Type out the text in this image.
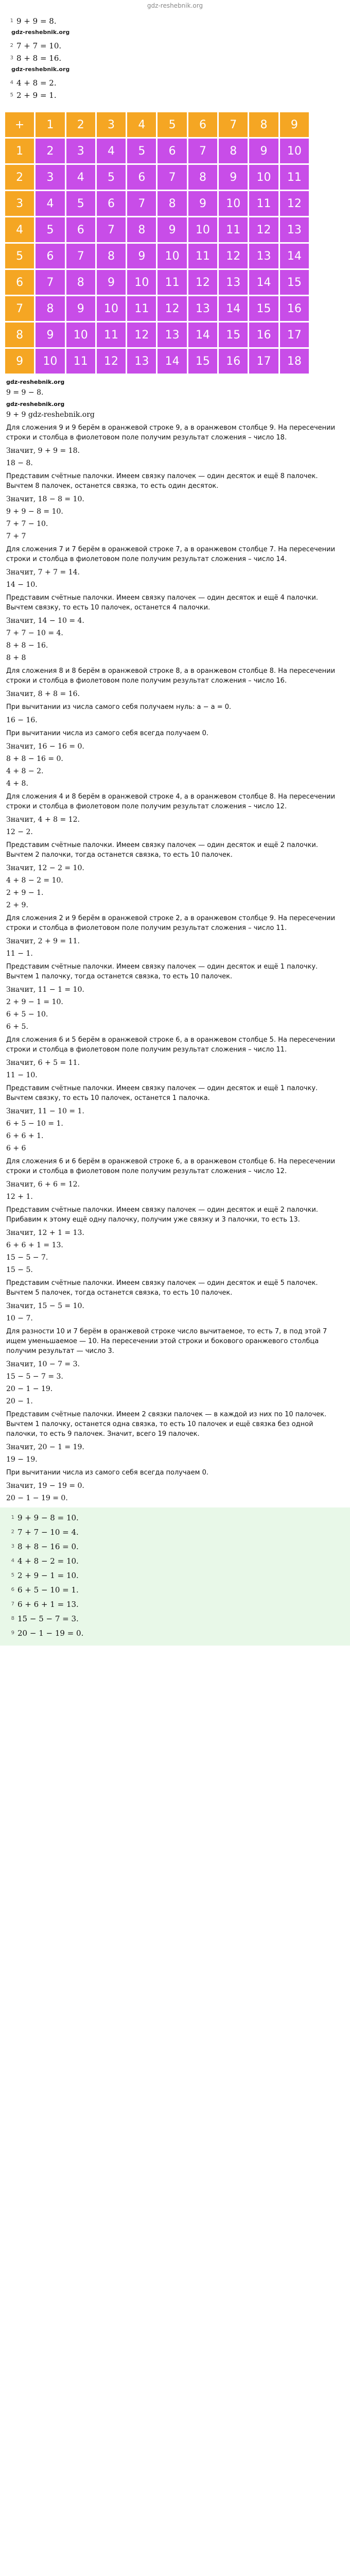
gdz-reshebnik.org
1 9 + 9 = 8.
gdz-reshebnik.org
2 7 + 7 = 10.
3 8 + 8 = 16.
gdz-reshebnik.org
4 4 + 8 = 2.
5 2 + 9 = 1.
+	1	2	3	4	5	6	7	8	9
1	2	3	4	5	6	7	8	9	10
2	3	4	5	6	7	8	9	10	11
3	4	5	6	7	8	9	10	11	12
4	5	6	7	8	9	10	11	12	13
5	6	7	8	9	10	11	12	13	14
6	7	8	9	10	11	12	13	14	15
7	8	9	10	11	12	13	14	15	16
8	9	10	11	12	13	14	15	16	17
9	10	11	12	13	14	15	16	17	18
gdz-reshebnik.org
9 = 9 − 8.
gdz-reshebnik.org
9 + 9 gdz-reshebnik.org

Для сложения 9 и 9 берём в оранжевой строке 9, а в оранжевом столбце 9. На пересечении строки и столбца в фиолетовом поле получим результат сложения – число 18.

Значит, 9 + 9 = 18.
18 − 8.

Представим счётные палочки. Имеем связку палочек — один десяток и ещё 8 палочек. Вычтем 8 палочек, останется связка, то есть один десяток.

Значит, 18 − 8 = 10.
9 + 9 − 8 = 10.
7 + 7 − 10.
7 + 7

Для сложения 7 и 7 берём в оранжевой строке 7, а в оранжевом столбце 7. На пересечении строки и столбца в фиолетовом поле получим результат сложения – число 14.

Значит, 7 + 7 = 14.
14 − 10.

Представим счётные палочки. Имеем связку палочек — один десяток и ещё 4 палочки. Вычтем связку, то есть 10 палочек, останется 4 палочки.

Значит, 14 − 10 = 4.
7 + 7 − 10 = 4.
8 + 8 − 16.
8 + 8

Для сложения 8 и 8 берём в оранжевой строке 8, а в оранжевом столбце 8. На пересечении строки и столбца в фиолетовом поле получим результат сложения – число 16.

Значит, 8 + 8 = 16.

При вычитании из числа самого себя получаем нуль: a − a = 0.

16 − 16.

При вычитании числа из самого себя всегда получаем 0.

Значит, 16 − 16 = 0.
8 + 8 − 16 = 0.
4 + 8 − 2.
4 + 8.

Для сложения 4 и 8 берём в оранжевой строке 4, а в оранжевом столбце 8. На пересечении строки и столбца в фиолетовом поле получим результат сложения – число 12.

Значит, 4 + 8 = 12.
12 − 2.

Представим счётные палочки. Имеем связку палочек — один десяток и ещё 2 палочки. Вычтем 2 палочки, тогда останется связка, то есть 10 палочек.

Значит, 12 − 2 = 10.
4 + 8 − 2 = 10.
2 + 9 − 1.
2 + 9.

Для сложения 2 и 9 берём в оранжевой строке 2, а в оранжевом столбце 9. На пересечении строки и столбца в фиолетовом поле получим результат сложения – число 11.

Значит, 2 + 9 = 11.
11 − 1.

Представим счётные палочки. Имеем связку палочек — один десяток и ещё 1 палочку. Вычтем 1 палочку, тогда останется связка, то есть 10 палочек.

Значит, 11 − 1 = 10.
2 + 9 − 1 = 10.
6 + 5 − 10.
6 + 5.

Для сложения 6 и 5 берём в оранжевой строке 6, а в оранжевом столбце 5. На пересечении строки и столбца в фиолетовом поле получим результат сложения – число 11.

Значит, 6 + 5 = 11.
11 − 10.

Представим счётные палочки. Имеем связку палочек — один десяток и ещё 1 палочку. Вычтем связку, то есть 10 палочек, останется 1 палочка.

Значит, 11 − 10 = 1.
6 + 5 − 10 = 1.
6 + 6 + 1.
6 + 6

Для сложения 6 и 6 берём в оранжевой строке 6, а в оранжевом столбце 6. На пересечении строки и столбца в фиолетовом поле получим результат сложения – число 12.

Значит, 6 + 6 = 12.
12 + 1.

Представим счётные палочки. Имеем связку палочек — один десяток и ещё 2 палочки. Прибавим к этому ещё одну палочку, получим уже связку и 3 палочки, то есть 13.

Значит, 12 + 1 = 13.
6 + 6 + 1 = 13.
15 − 5 − 7.
15 − 5.

Представим счётные палочки. Имеем связку палочек — один десяток и ещё 5 палочек. Вычтем 5 палочек, тогда останется связка, то есть 10 палочек.

Значит, 15 − 5 = 10.
10 − 7.

Для разности 10 и 7 берём в оранжевой строке число вычитаемое, то есть 7, в под этой 7 ищем уменьшаемое — 10. На пересечении этой строки и бокового оранжевого столбца получим результат — число 3.

Значит, 10 − 7 = 3.
15 − 5 − 7 = 3.
20 − 1 − 19.
20 − 1.

Представим счётные палочки. Имеем 2 связки палочек — в каждой из них по 10 палочек. Вычтем 1 палочку, останется одна связка, то есть 10 палочек и ещё связка без одной палочки, то есть 9 палочек. Значит, всего 19 палочек.

Значит, 20 − 1 = 19.
19 − 19.

При вычитании числа из самого себя всегда получаем 0.

Значит, 19 − 19 = 0.
20 − 1 − 19 = 0.
1 9 + 9 − 8 = 10.
2 7 + 7 − 10 = 4.
3 8 + 8 − 16 = 0.
4 4 + 8 − 2 = 10.
5 2 + 9 − 1 = 10.
6 6 + 5 − 10 = 1.
7 6 + 6 + 1 = 13.
8 15 − 5 − 7 = 3.
9 20 − 1 − 19 = 0.
